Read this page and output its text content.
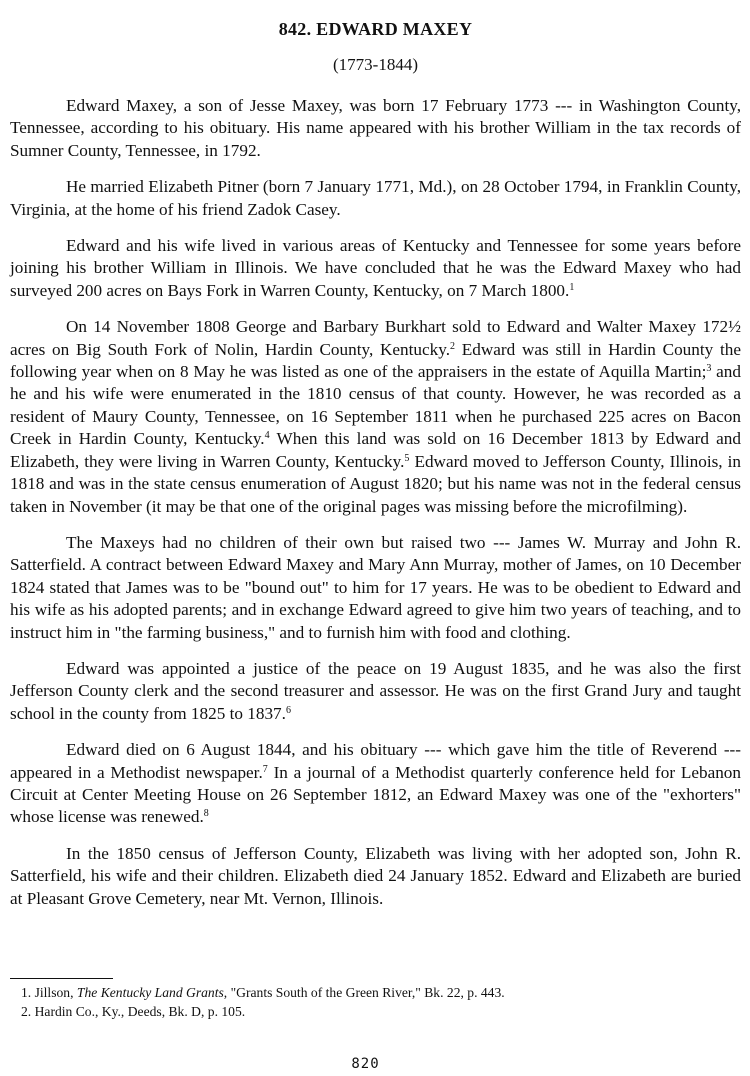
842. EDWARD MAXEY
(1773-1844)

Edward Maxey, a son of Jesse Maxey, was born 17 February 1773 --- in Washington County, Tennessee, according to his obituary. His name appeared with his brother William in the tax records of Sumner County, Tennessee, in 1792.

He married Elizabeth Pitner (born 7 January 1771, Md.), on 28 October 1794, in Franklin County, Virginia, at the home of his friend Zadok Casey.

Edward and his wife lived in various areas of Kentucky and Tennessee for some years before joining his brother William in Illinois. We have concluded that he was the Edward Maxey who had surveyed 200 acres on Bays Fork in Warren County, Kentucky, on 7 March 1800.$^1$

On 14 November 1808 George and Barbary Burkhart sold to Edward and Walter Maxey 172½ acres on Big South Fork of Nolin, Hardin County, Kentucky.$^2$ Edward was still in Hardin County the following year when on 8 May he was listed as one of the appraisers in the estate of Aquilla Martin;$^3$ and he and his wife were enumerated in the 1810 census of that county. However, he was recorded as a resident of Maury County, Tennessee, on 16 September 1811 when he purchased 225 acres on Bacon Creek in Hardin County, Kentucky.$^4$ When this land was sold on 16 December 1813 by Edward and Elizabeth, they were living in Warren County, Kentucky.$^5$ Edward moved to Jefferson County, Illinois, in 1818 and was in the state census enumeration of August 1820; but his name was not in the federal census taken in November (it may be that one of the original pages was missing before the microfilming).

The Maxeys had no children of their own but raised two --- James W. Murray and John R. Satterfield. A contract between Edward Maxey and Mary Ann Murray, mother of James, on 10 December 1824 stated that James was to be "bound out" to him for 17 years. He was to be obedient to Edward and his wife as his adopted parents; and in exchange Edward agreed to give him two years of teaching, and to instruct him in "the farming business," and to furnish him with food and clothing.

Edward was appointed a justice of the peace on 19 August 1835, and he was also the first Jefferson County clerk and the second treasurer and assessor. He was on the first Grand Jury and taught school in the county from 1825 to 1837.$^6$

Edward died on 6 August 1844, and his obituary --- which gave him the title of Reverend --- appeared in a Methodist newspaper.$^7$ In a journal of a Methodist quarterly conference held for Lebanon Circuit at Center Meeting House on 26 September 1812, an Edward Maxey was one of the "exhorters" whose license was renewed.$^8$

In the 1850 census of Jefferson County, Elizabeth was living with her adopted son, John R. Satterfield, his wife and their children. Elizabeth died 24 January 1852. Edward and Elizabeth are buried at Pleasant Grove Cemetery, near Mt. Vernon, Illinois.

1. Jillson, The Kentucky Land Grants, "Grants South of the Green River," Bk. 22, p. 443.
2. Hardin Co., Ky., Deeds, Bk. D, p. 105.
820
